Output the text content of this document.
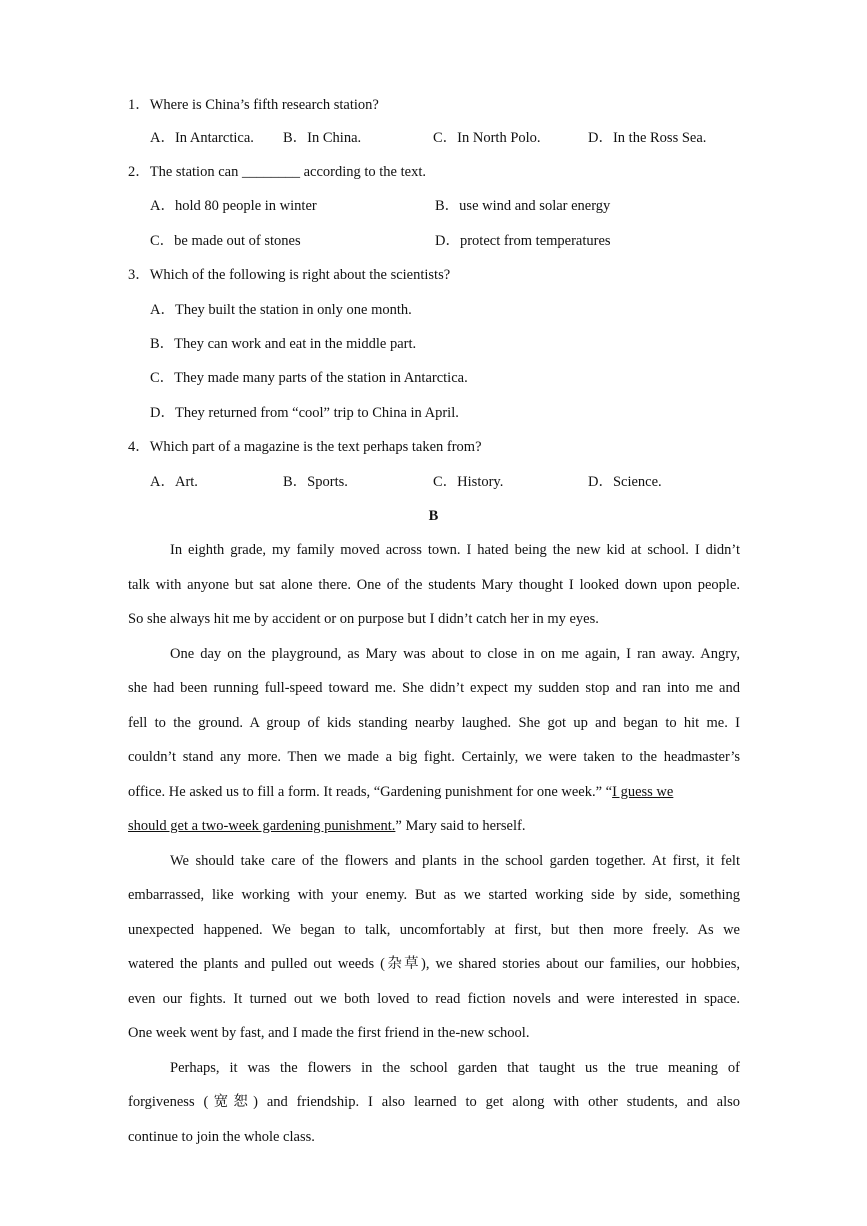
1．Where is China’s fifth research station?
A．In Antarctica. B．In China.	C．In North Polo.	D．In the Ross Sea.
2．The station can ________ according to the text.
A．hold 80 people in winter	B．use wind and solar energy
C．be made out of stones	D．protect from temperatures
3．Which of the following is right about the scientists?
A．They built the station in only one month.
B．They can work and eat in the middle part.
C．They made many parts of the station in Antarctica.
D．They returned from “cool” trip to China in April.
4．Which part of a magazine is the text perhaps taken from?
A．Art.	B．Sports.	C．History.	D．Science.
B
In eighth grade, my family moved across town. I hated being the new kid at school. I didn’t
talk with anyone but sat alone there. One of the students Mary thought I looked down upon people.
So she always hit me by accident or on purpose but I didn’t catch her in my eyes.
One day on the playground, as Mary was about to close in on me again, I ran away. Angry,
she had been running full-speed toward me. She didn’t expect my sudden stop and ran into me and
fell to the ground. A group of kids standing nearby laughed. She got up and began to hit me. I
couldn’t stand any more. Then we made a big fight. Certainly, we were taken to the headmaster’s
office. He asked us to fill a form. It reads, “Gardening punishment for one week.” “I guess we
should get a two-week gardening punishment.” Mary said to herself.
We should take care of the flowers and plants in the school garden together. At first, it felt
embarrassed, like working with your enemy. But as we started working side by side, something
unexpected happened. We began to talk, uncomfortably at first, but then more freely. As we
watered the plants and pulled out weeds (杂草), we shared stories about our families, our hobbies,
even our fights. It turned out we both loved to read fiction novels and were interested in space.
One week went by fast, and I made the first friend in the-new school.
Perhaps, it was the flowers in the school garden that taught us the true meaning of
forgiveness (宽恕) and friendship. I also learned to get along with other students, and also
continue to join the whole class.
